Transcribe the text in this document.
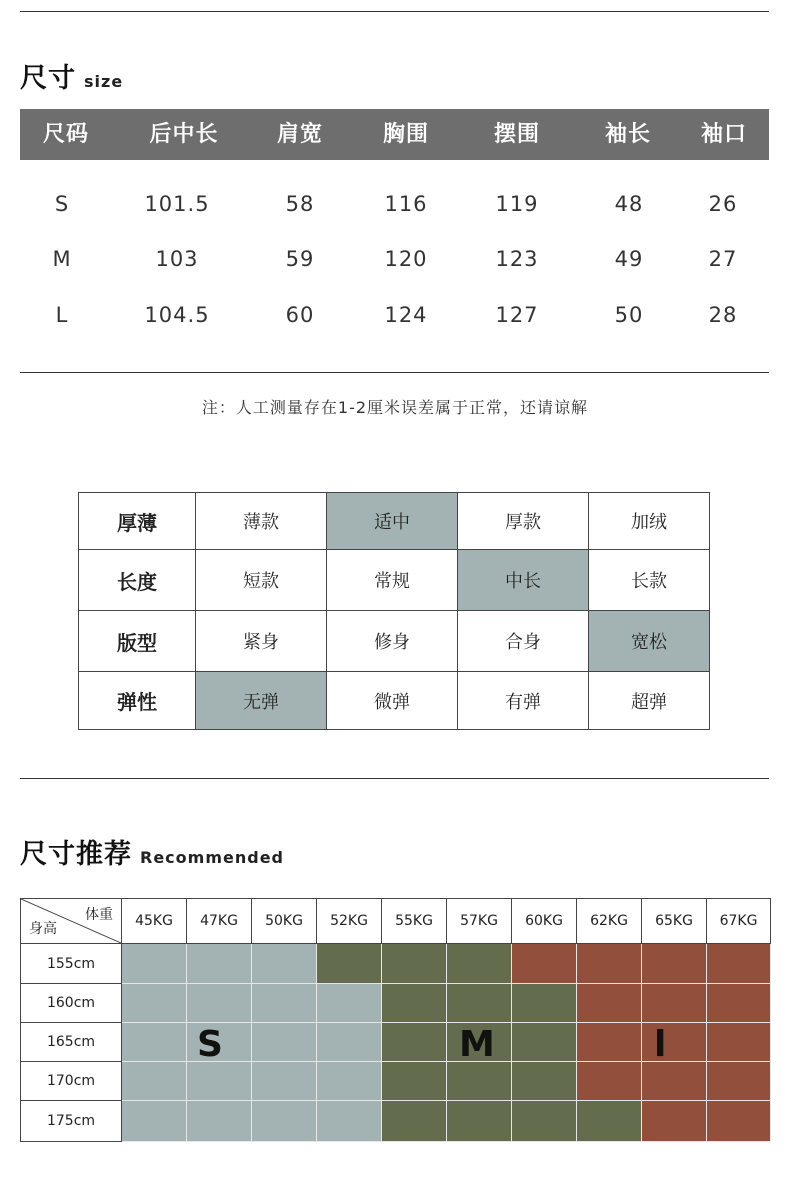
尺寸 size
尺码	后中长	肩宽	胸围	摆围	袖长 袖口
S	101.5	58	116	119	48	26
M	103	59	120	123	49	27
L	104.5	60	124	127	50	28
注：人工测量存在1-2厘米误差属于正常，还请谅解
厚薄	薄款	适中	厚款	加绒
长度	短款	常规	中长	长款
版型	紧身	修身	合身	宽松
弹性	无弹	微弹	有弹	超弹
尺寸推荐 Recommended
体重
身高	45KG	47KG	50KG	52KG	55KG	57KG	60KG	62KG	65KG	67KG
155cm										
160cm										
165cm										
170cm										
175cm										
S	M	l
